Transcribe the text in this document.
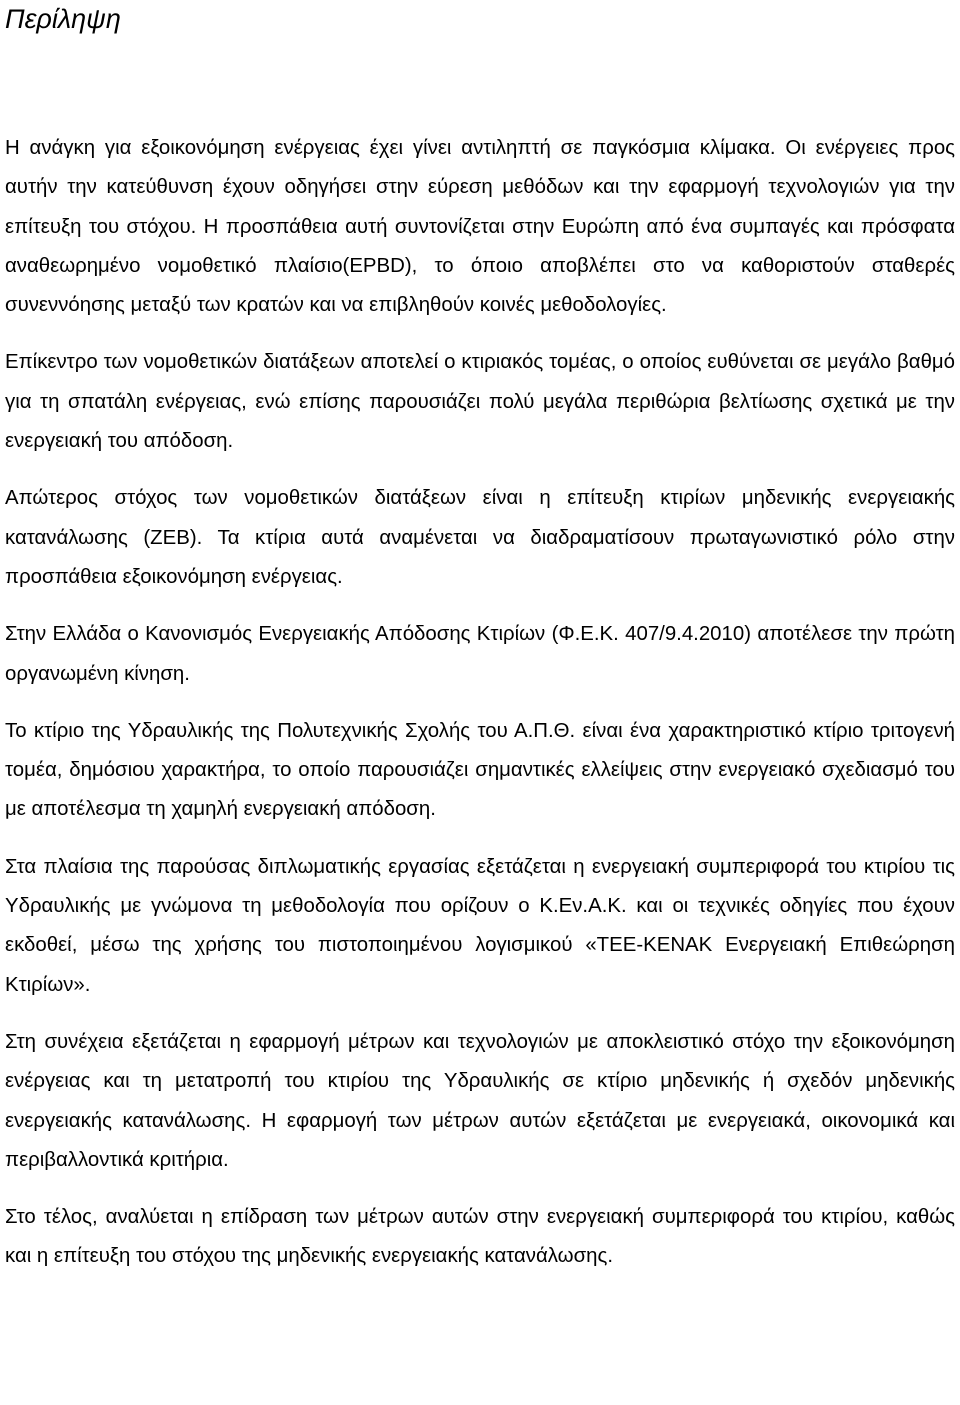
Περίληψη

Η ανάγκη για εξοικονόμηση ενέργειας έχει γίνει αντιληπτή σε παγκόσμια κλίμακα. Οι ενέργειες προς αυτήν την κατεύθυνση έχουν οδηγήσει στην εύρεση μεθόδων και την εφαρμογή τεχνολογιών για την επίτευξη του στόχου. Η προσπάθεια αυτή συντονίζεται στην Ευρώπη από ένα συμπαγές και πρόσφατα αναθεωρημένο νομοθετικό πλαίσιο(EPBD), το όποιο αποβλέπει στο να καθοριστούν σταθερές συνεννόησης μεταξύ των κρατών και να επιβληθούν κοινές μεθοδολογίες.

Επίκεντρο των νομοθετικών διατάξεων αποτελεί ο κτιριακός τομέας, ο οποίος ευθύνεται σε μεγάλο βαθμό για τη σπατάλη ενέργειας, ενώ επίσης παρουσιάζει πολύ μεγάλα περιθώρια βελτίωσης σχετικά με την ενεργειακή του απόδοση.

Απώτερος στόχος των νομοθετικών διατάξεων είναι η επίτευξη κτιρίων μηδενικής ενεργειακής κατανάλωσης (ZEB). Τα κτίρια αυτά αναμένεται να διαδραματίσουν πρωταγωνιστικό ρόλο στην προσπάθεια εξοικονόμηση ενέργειας.

Στην Ελλάδα ο Κανονισμός Ενεργειακής Απόδοσης Κτιρίων (Φ.Ε.Κ. 407/9.4.2010) αποτέλεσε την πρώτη οργανωμένη κίνηση.

Το κτίριο της Υδραυλικής της Πολυτεχνικής Σχολής του Α.Π.Θ. είναι ένα χαρακτηριστικό κτίριο τριτογενή τομέα, δημόσιου χαρακτήρα, το οποίο παρουσιάζει σημαντικές ελλείψεις στην ενεργειακό σχεδιασμό του με αποτέλεσμα τη χαμηλή ενεργειακή απόδοση.

Στα πλαίσια της παρούσας διπλωματικής εργασίας εξετάζεται η ενεργειακή συμπεριφορά του κτιρίου τις Υδραυλικής με γνώμονα τη μεθοδολογία που ορίζουν ο Κ.Εν.Α.Κ. και οι τεχνικές οδηγίες που έχουν εκδοθεί, μέσω της χρήσης του πιστοποιημένου λογισμικού «TEE-KENAK Ενεργειακή Επιθεώρηση Κτιρίων».

Στη συνέχεια εξετάζεται η εφαρμογή μέτρων και τεχνολογιών με αποκλειστικό στόχο την εξοικονόμηση ενέργειας και τη μετατροπή του κτιρίου της Υδραυλικής σε κτίριο μηδενικής ή σχεδόν μηδενικής ενεργειακής κατανάλωσης. Η εφαρμογή των μέτρων αυτών εξετάζεται με ενεργειακά, οικονομικά και περιβαλλοντικά κριτήρια.

Στο τέλος, αναλύεται η επίδραση των μέτρων αυτών στην ενεργειακή συμπεριφορά του κτιρίου, καθώς και η επίτευξη του στόχου της μηδενικής ενεργειακής κατανάλωσης.
